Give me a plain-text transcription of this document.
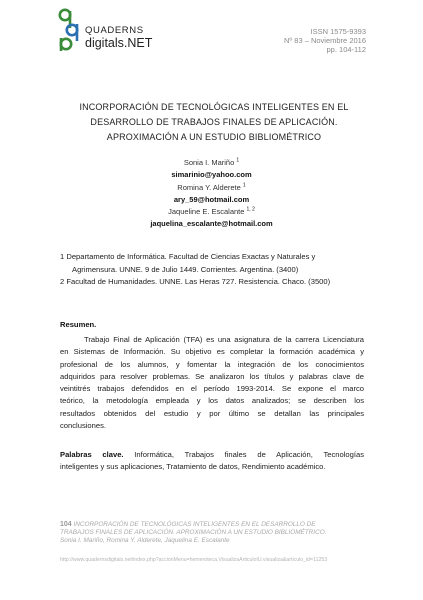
QUADERNS
digitals.NET
ISSN 1575-9393
Nº 83 – Noviembre 2016
pp. 104-112
INCORPORACIÓN DE TECNOLÓGICAS INTELIGENTES EN EL
DESARROLLO DE TRABAJOS FINALES DE APLICACIÓN.
APROXIMACIÓN A UN ESTUDIO BIBLIOMÉTRICO
Sonia I. Mariño $^1$
simarinio@yahoo.com
Romina Y. Alderete $^1$
ary_59@hotmail.com
Jaqueline E. Escalante $^{1, 2}$
jaquelina_escalante@hotmail.com
1 Departamento de Informática. Facultad de Ciencias Exactas y Naturales y
Agrimensura. UNNE. 9 de Julio 1449. Corrientes. Argentina. (3400)
2 Facultad de Humanidades. UNNE. Las Heras 727. Resistencia. Chaco. (3500)
Resumen.
Trabajo Final de Aplicación (TFA) es una asignatura de la carrera Licenciatura
en Sistemas de Información. Su objetivo es completar la formación académica y
profesional de los alumnos, y fomentar la integración de los conocimientos
adquiridos para resolver problemas. Se analizaron los títulos y palabras clave de
veintitrés trabajos defendidos en el período 1993-2014. Se expone el marco
teórico, la metodología empleada y los datos analizados; se describen los
resultados obtenidos del estudio y por último se detallan las principales
conclusiones.
Palabras clave. Informática, Trabajos finales de Aplicación, Tecnologías
inteligentes y sus aplicaciones, Tratamiento de datos, Rendimiento académico.
104 INCORPORACIÓN DE TECNOLÓGICAS INTELIGENTES EN EL DESARROLLO DE
TRABAJOS FINALES DE APLICACIÓN. APROXIMACIÓN A UN ESTUDIO BIBLIOMÉTRICO.
Sonia I. Mariño, Romina Y. Alderete, Jaquelina E. Escalante
http://www.quadernsdigitals.net/index.php?accionMenu=hemeroteca.VisualizaArticuloIU.visualiza&articulo_id=11253
